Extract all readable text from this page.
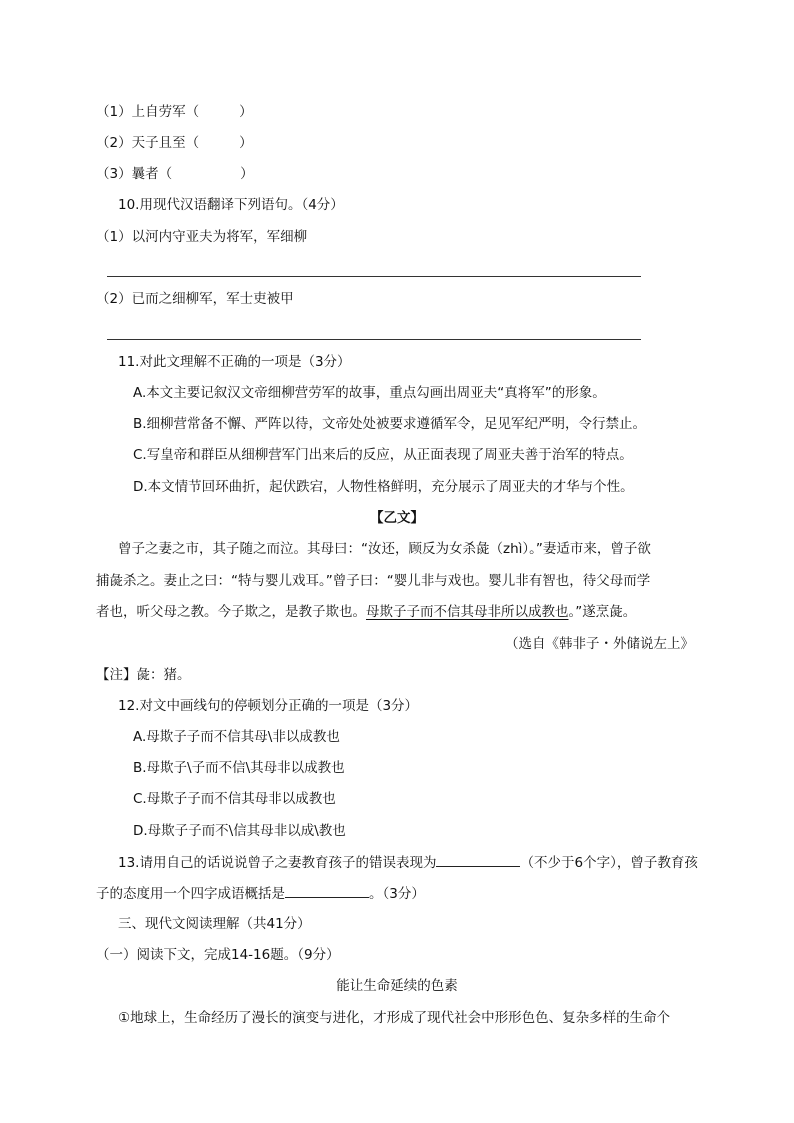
（1）上自劳军（	）
（2）天子且至（	）
（3）曩者（	）
10.用现代汉语翻译下列语句。（4分）
（1）以河内守亚夫为将军，军细柳
（2）已而之细柳军，军士吏被甲
11.对此文理解不正确的一项是（3分）
A.本文主要记叙汉文帝细柳营劳军的故事，重点勾画出周亚夫“真将军”的形象。
B.细柳营常备不懈、严阵以待，文帝处处被要求遵循军令，足见军纪严明，令行禁止。
C.写皇帝和群臣从细柳营军门出来后的反应，从正面表现了周亚夫善于治军的特点。
D.本文情节回环曲折，起伏跌宕，人物性格鲜明，充分展示了周亚夫的才华与个性。
【乙文】
曾子之妻之市，其子随之而泣。其母曰：“汝还，顾反为女杀彘（zhì）。”妻适市来，曾子欲
捕彘杀之。妻止之曰：“特与婴儿戏耳。”曾子曰：“婴儿非与戏也。婴儿非有智也，待父母而学
者也，听父母之教。今子欺之，是教子欺也。母欺子子而不信其母非所以成教也。”遂烹彘。
（选自《韩非子・外储说左上》
【注】彘：猪。
12.对文中画线句的停顿划分正确的一项是（3分）
A.母欺子子而不信其母\非以成教也
B.母欺子\子而不信\其母非以成教也
C.母欺子子而不信其母非以成教也
D.母欺子子而不\信其母非以成\教也
13.请用自己的话说说曾子之妻教育孩子的错误表现为	（不少于6个字），曾子教育孩
子的态度用一个四字成语概括是	。（3分）
三、现代文阅读理解（共41分）
（一）阅读下文，完成14-16题。（9分）
能让生命延续的色素
①地球上，生命经历了漫长的演变与进化，才形成了现代社会中形形色色、复杂多样的生命个
